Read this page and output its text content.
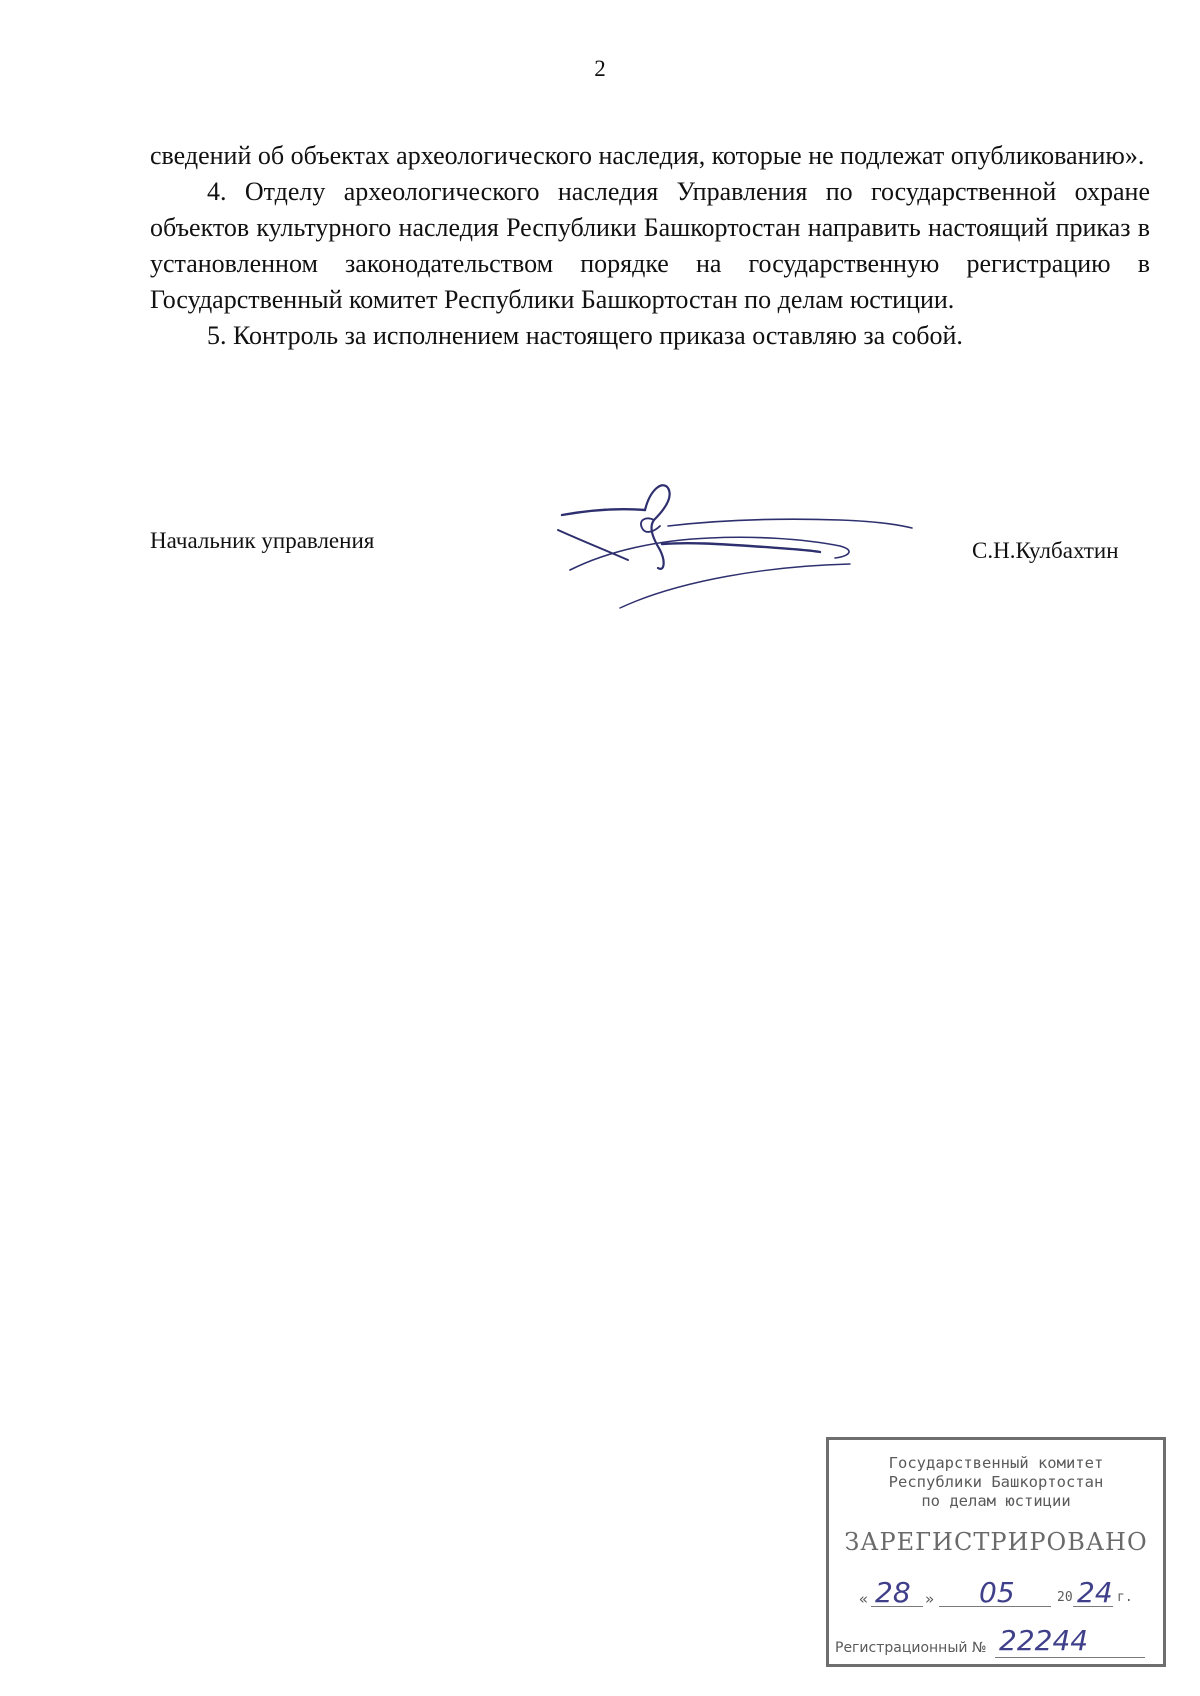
2

сведений об объектах археологического наследия, которые не подлежат опубликованию».

4. Отделу археологического наследия Управления по государственной охране объектов культурного наследия Республики Башкортостан направить настоящий приказ в установленном законодательством порядке на государственную регистрацию в Государственный комитет Республики Башкортостан по делам юстиции.

5. Контроль за исполнением настоящего приказа оставляю за собой.

Начальник управления	С.Н.Кулбахтин
Государственный комитет
Республики Башкортостан
по делам юстиции
ЗАРЕГИСТРИРОВАНО
« 28 » 05	20 24 г.
Регистрационный № 22244
